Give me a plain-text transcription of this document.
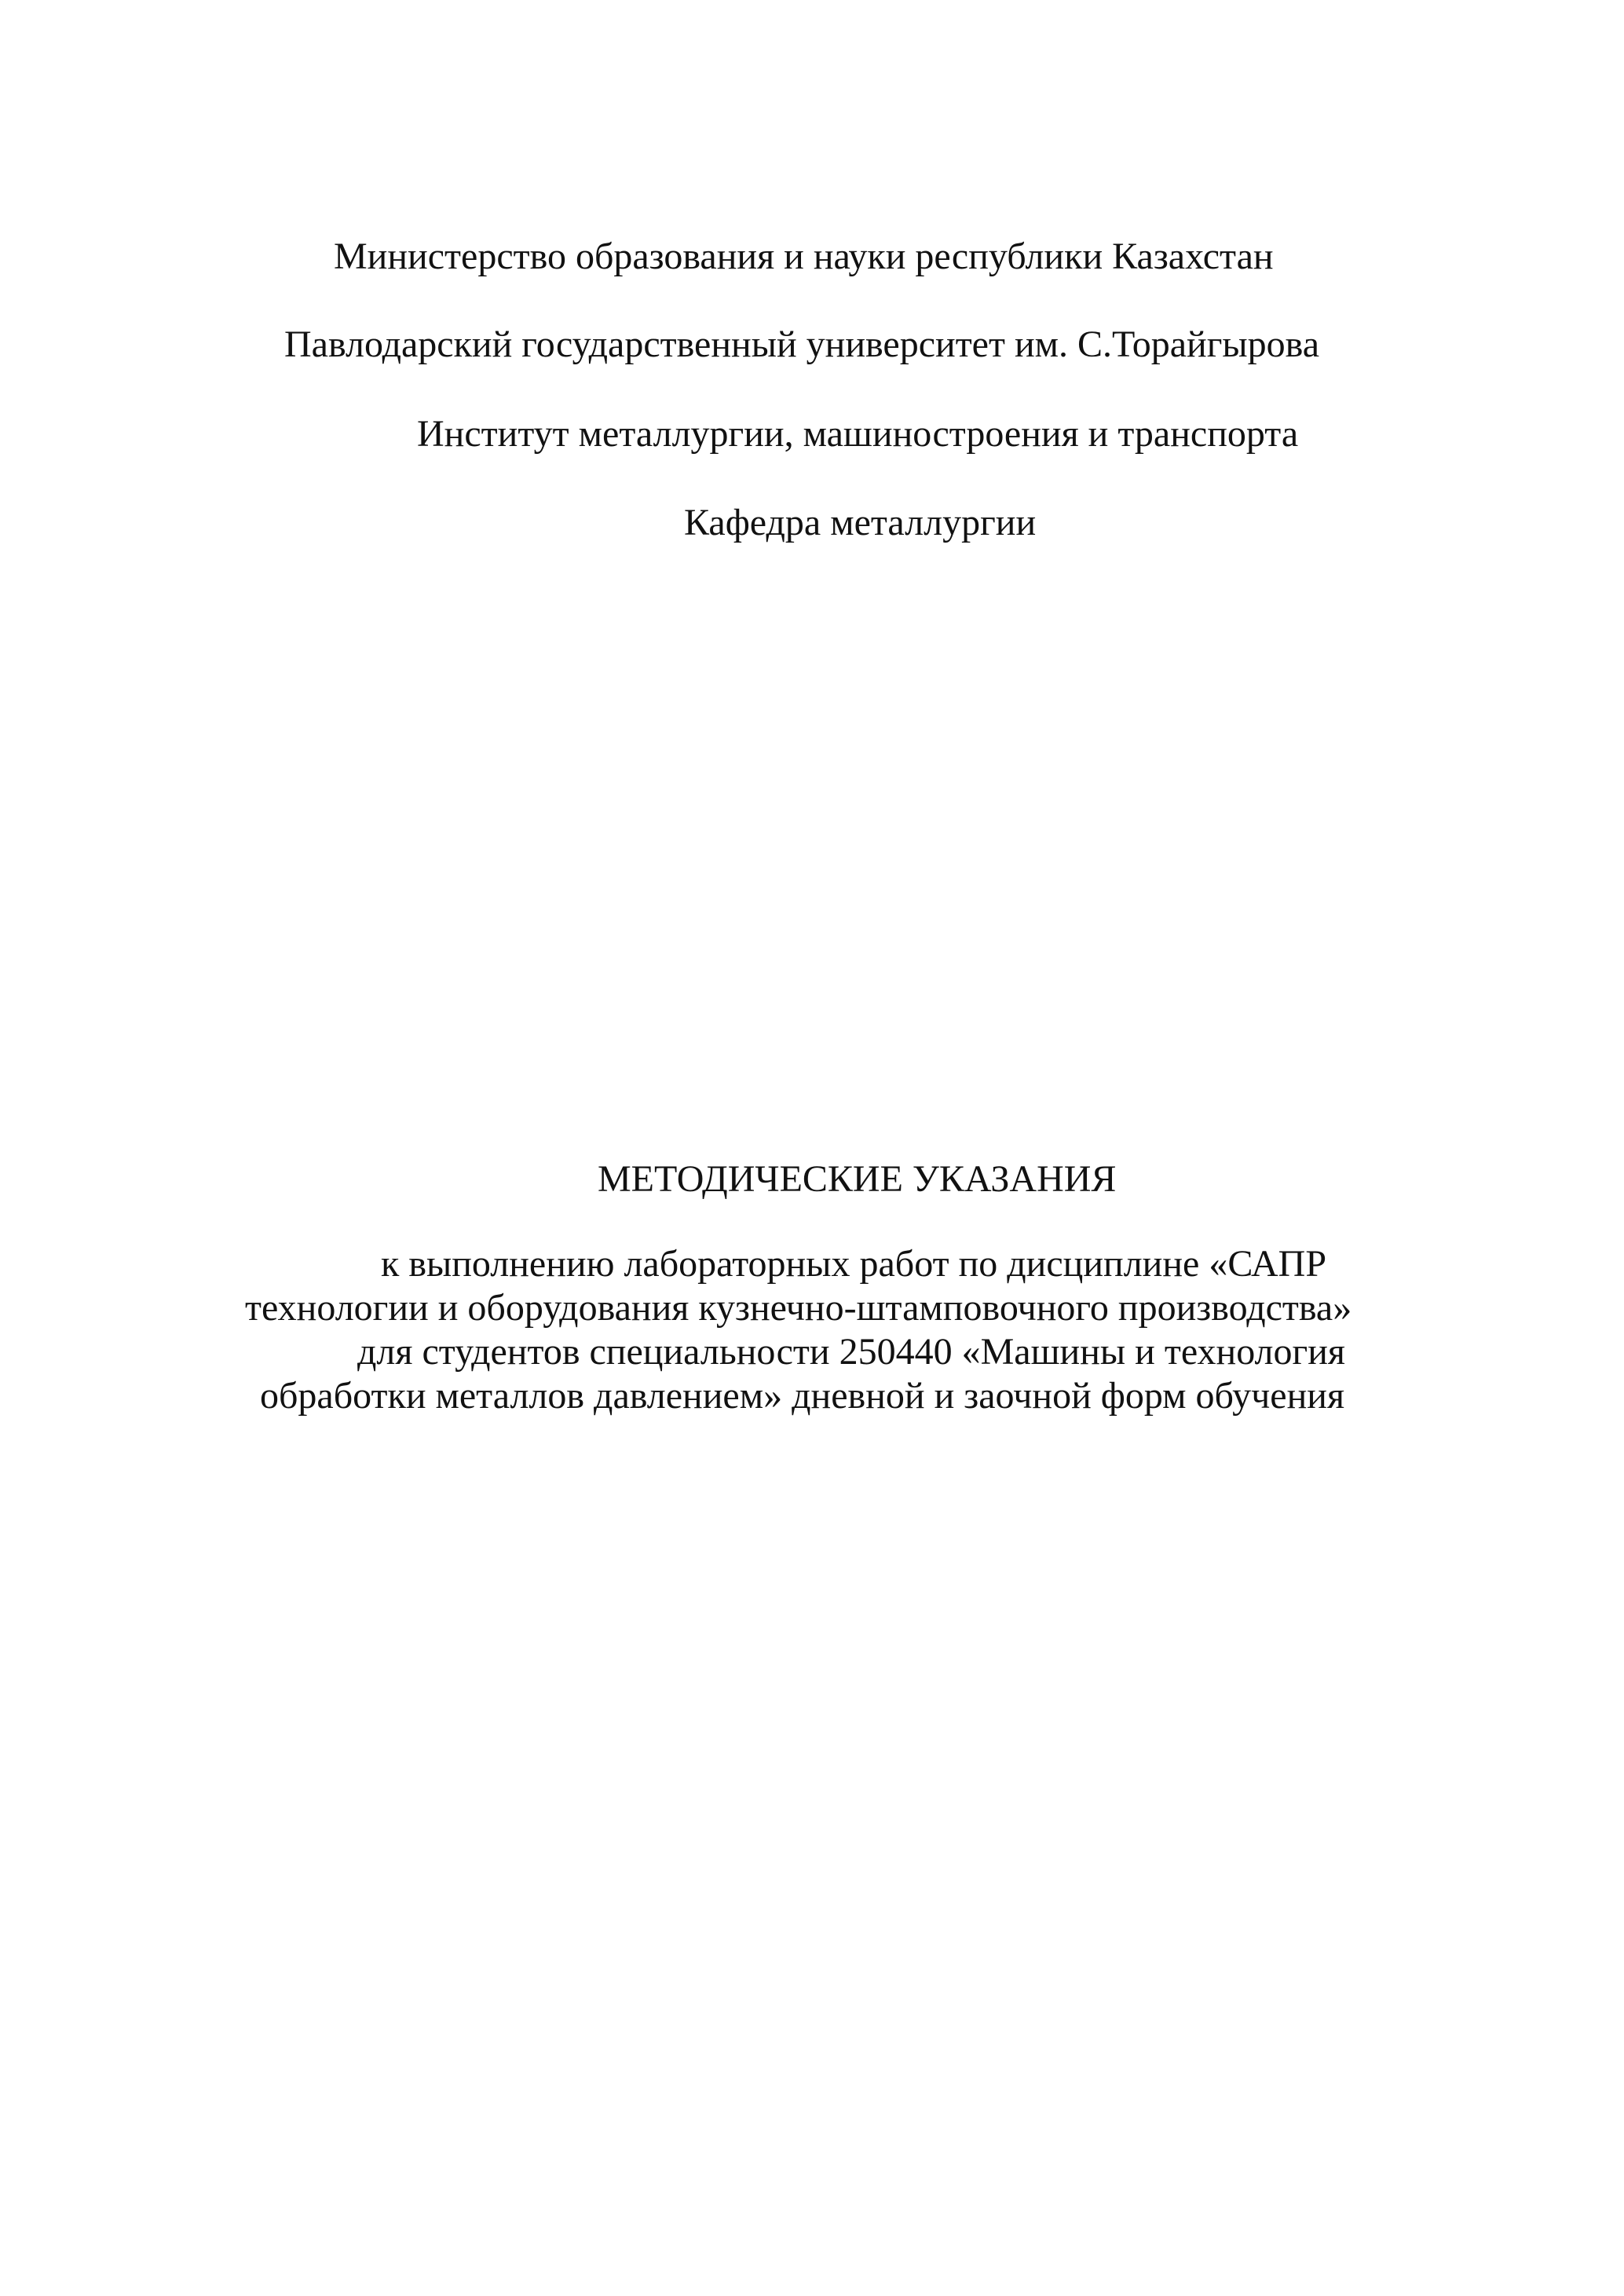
Министерство образования и науки республики Казахстан

Павлодарский государственный университет им. С.Торайгырова

Институт металлургии, машиностроения и транспорта

Кафедра металлургии

МЕТОДИЧЕСКИЕ УКАЗАНИЯ

к выполнению лабораторных работ по дисциплине «САПР

технологии и оборудования кузнечно-штамповочного производства»

для студентов специальности 250440 «Машины и технология

обработки металлов давлением» дневной и заочной форм обучения
